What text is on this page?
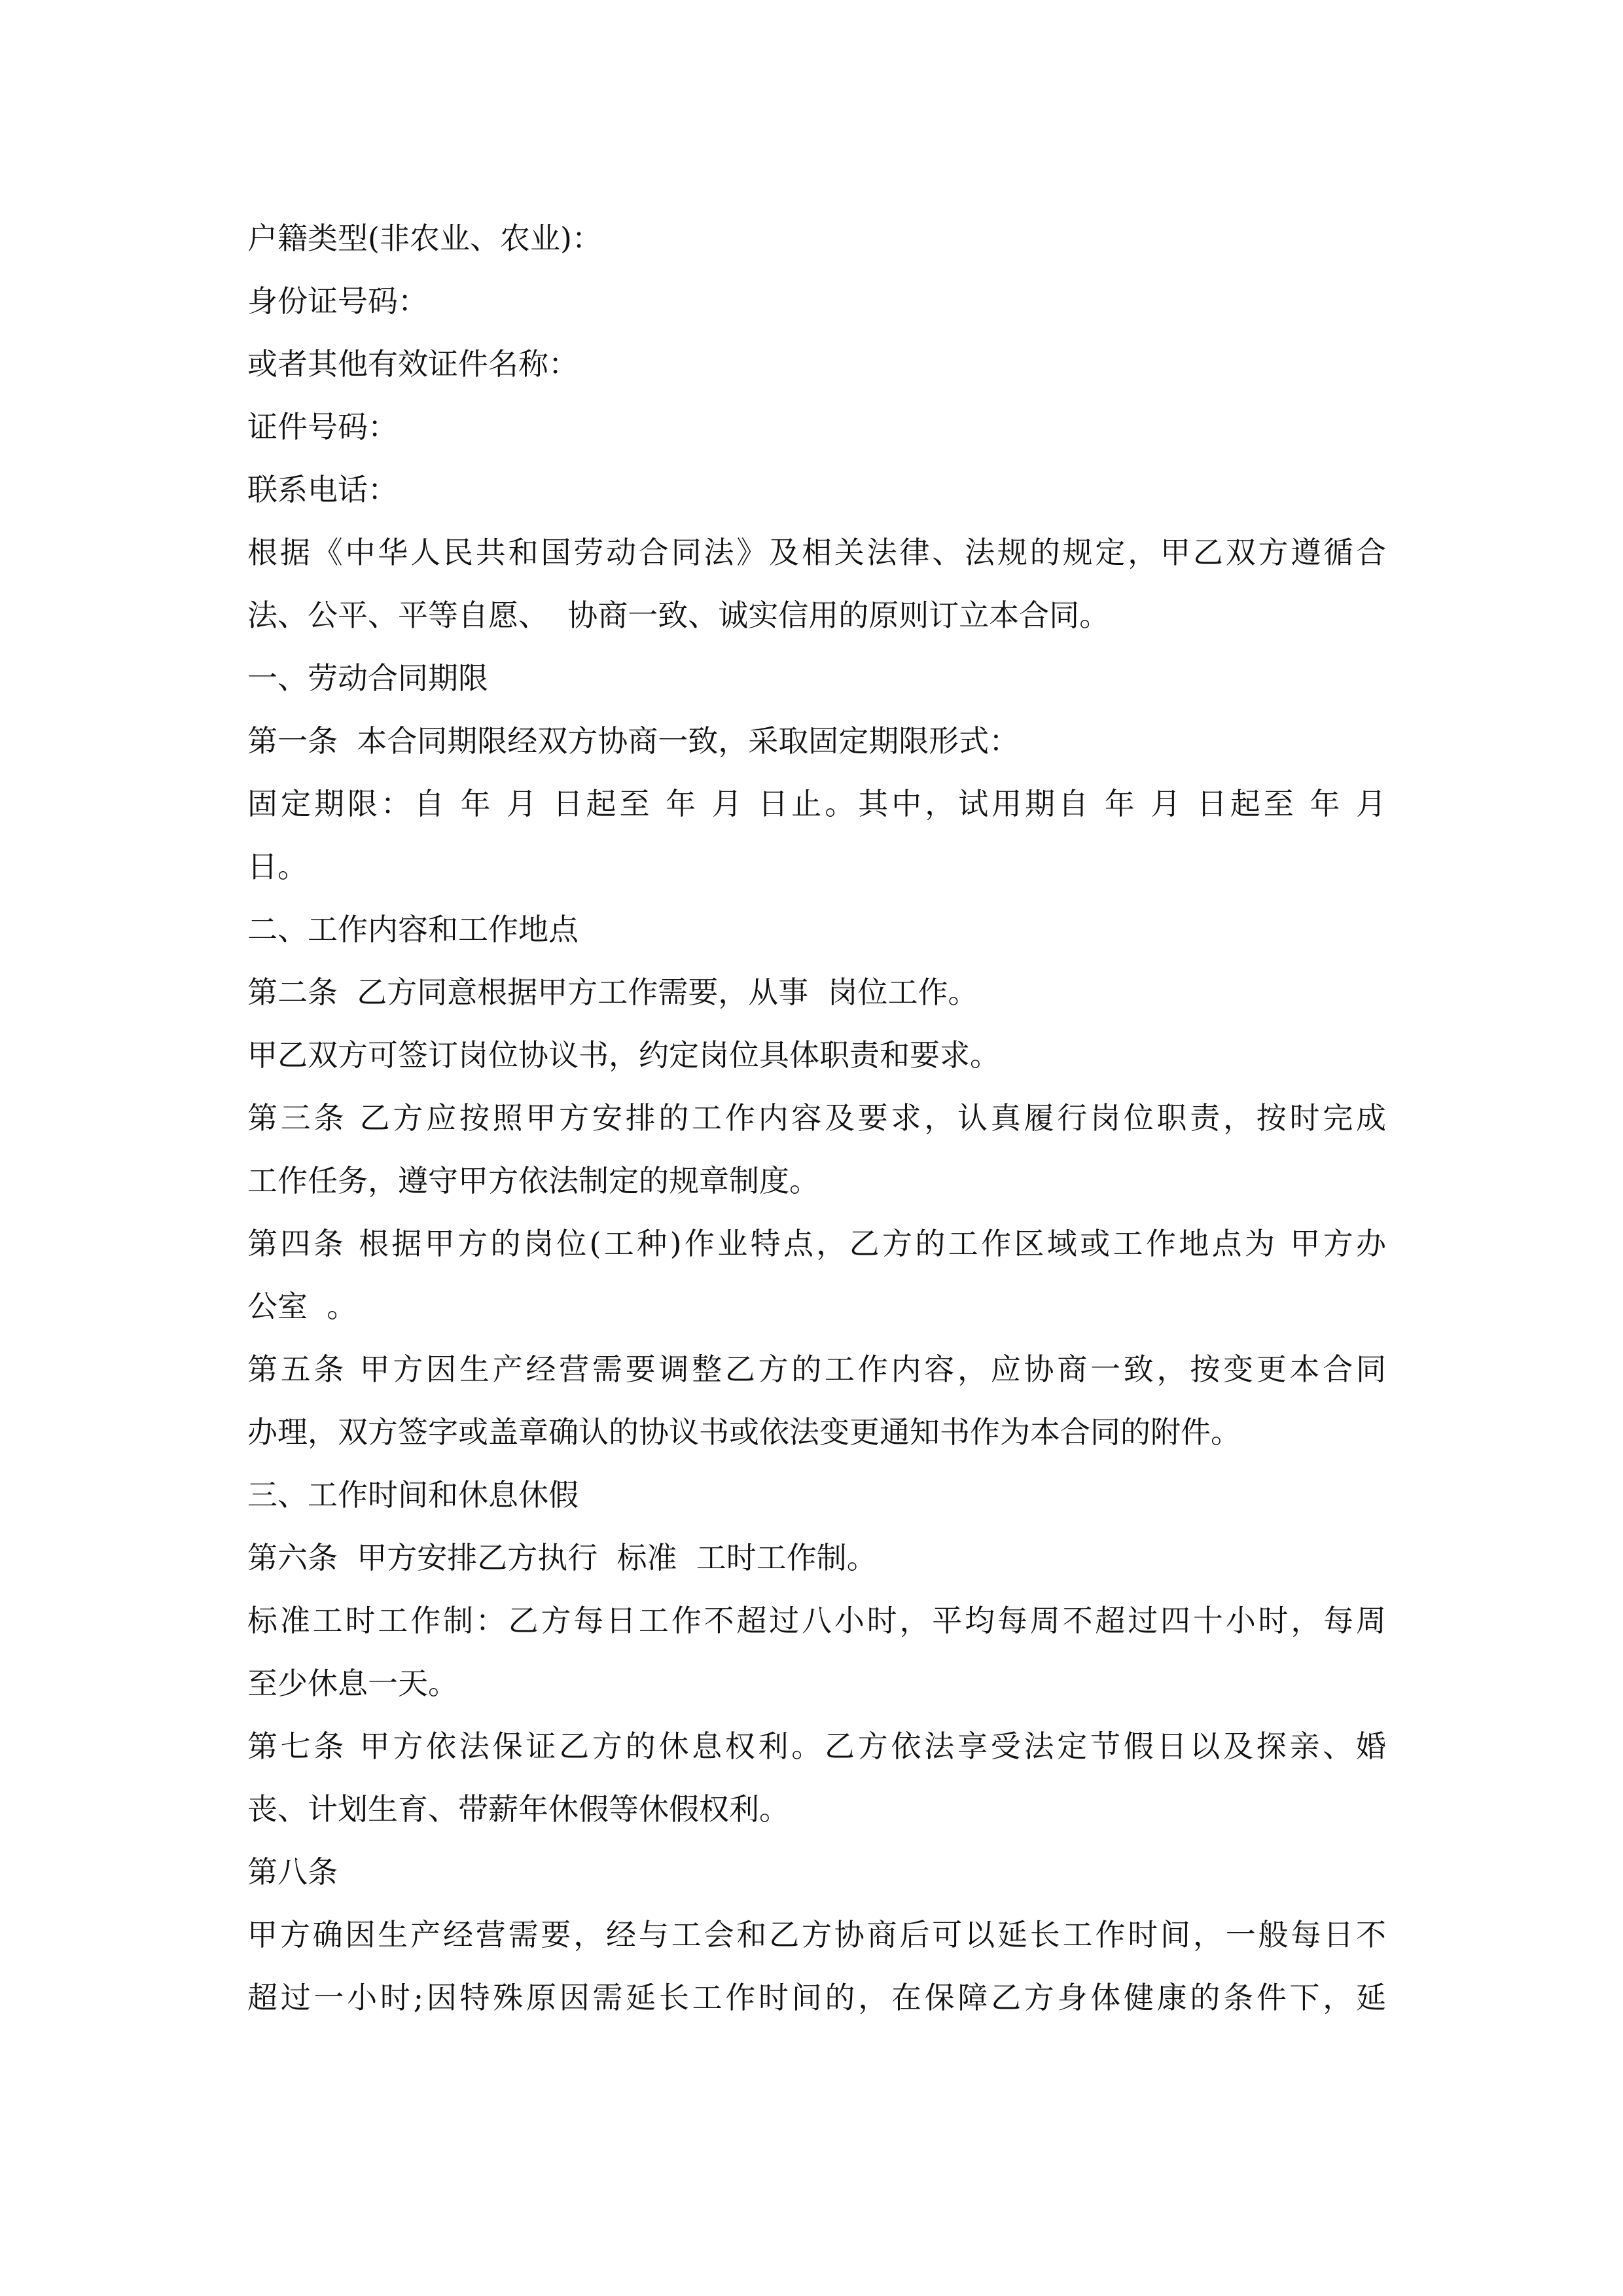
户籍类型(非农业、农业)：
身份证号码：
或者其他有效证件名称：
证件号码：
联系电话：
根据《中华人民共和国劳动合同法》及相关法律、法规的规定，甲乙双方遵循合
法、公平、平等自愿、  协商一致、诚实信用的原则订立本合同。
一、劳动合同期限
第一条  本合同期限经双方协商一致，采取固定期限形式：
固定期限：自 年 月 日起至 年 月 日止。其中，试用期自 年 月 日起至 年 月
日。
二、工作内容和工作地点
第二条  乙方同意根据甲方工作需要，从事  岗位工作。
甲乙双方可签订岗位协议书，约定岗位具体职责和要求。
第三条 乙方应按照甲方安排的工作内容及要求，认真履行岗位职责，按时完成
工作任务，遵守甲方依法制定的规章制度。
第四条 根据甲方的岗位(工种)作业特点，乙方的工作区域或工作地点为 甲方办
公室  。
第五条 甲方因生产经营需要调整乙方的工作内容，应协商一致，按变更本合同
办理，双方签字或盖章确认的协议书或依法变更通知书作为本合同的附件。
三、工作时间和休息休假
第六条  甲方安排乙方执行  标准  工时工作制。
标准工时工作制：乙方每日工作不超过八小时，平均每周不超过四十小时，每周
至少休息一天。
第七条 甲方依法保证乙方的休息权利。乙方依法享受法定节假日以及探亲、婚
丧、计划生育、带薪年休假等休假权利。
第八条
甲方确因生产经营需要，经与工会和乙方协商后可以延长工作时间，一般每日不
超过一小时;因特殊原因需延长工作时间的，在保障乙方身体健康的条件下，延
